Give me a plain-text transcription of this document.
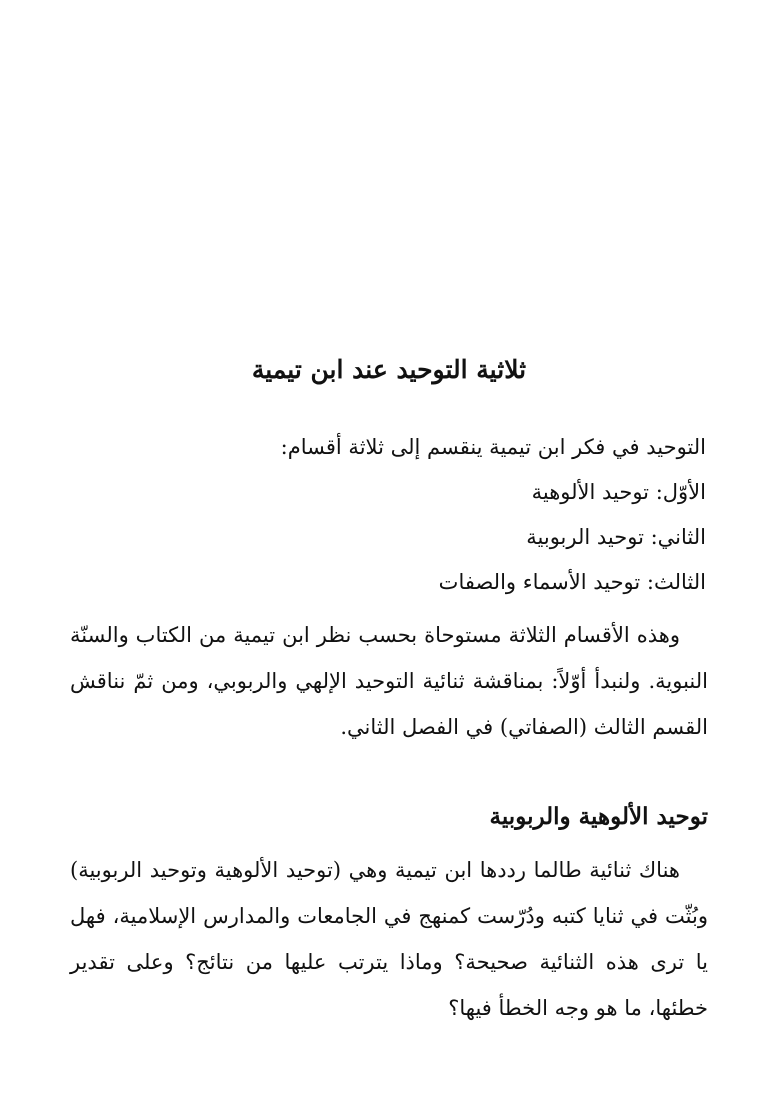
ثلاثية التوحيد عند ابن تيمية

التوحيد في فكر ابن تيمية ينقسم إلى ثلاثة أقسام:

الأوّل: توحيد الألوهية

الثاني: توحيد الربوبية

الثالث: توحيد الأسماء والصفات

وهذه الأقسام الثلاثة مستوحاة بحسب نظر ابن تيمية من الكتاب والسنّة النبوية. ولنبدأ أوّلاً: بمناقشة ثنائية التوحيد الإلهي والربوبي، ومن ثمّ نناقش القسم الثالث (الصفاتي) في الفصل الثاني.

توحيد الألوهية والربوبية

هناك ثنائية طالما رددها ابن تيمية وهي (توحيد الألوهية وتوحيد الربوبية) وبُثّت في ثنايا كتبه ودُرّست كمنهج في الجامعات والمدارس الإسلامية، فهل يا ترى هذه الثنائية صحيحة؟ وماذا يترتب عليها من نتائج؟ وعلى تقدير خطئها، ما هو وجه الخطأ فيها؟
